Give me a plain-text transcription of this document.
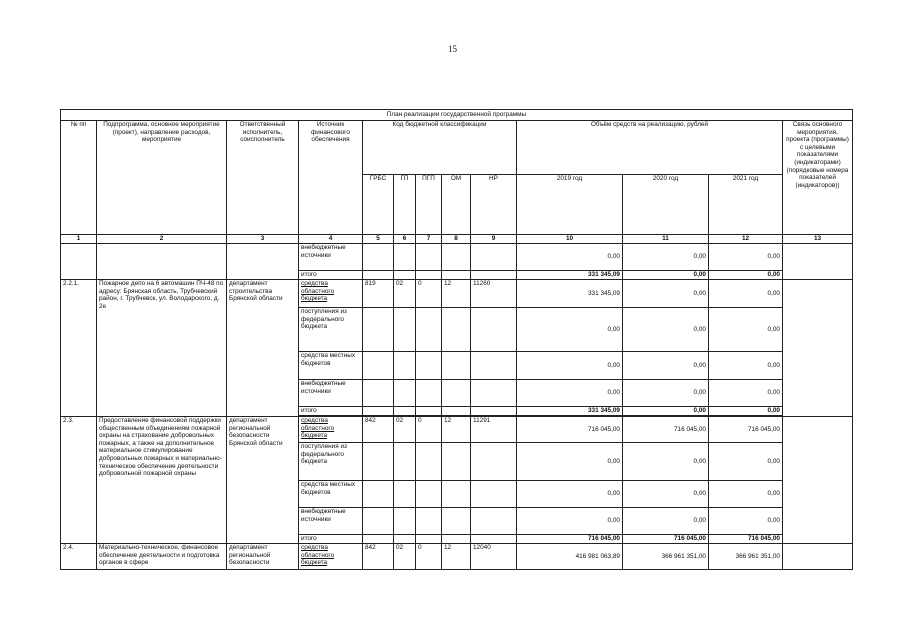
15
План реализации государственной программы												
№ пп	Подпрограмма, основное мероприятие (проект), направление расходов, мероприятие	Ответственный исполнитель, соисполнитель	Источник финансового обеспечения	Код бюджетной классификации					Объём средств на реализацию, рублей			Связь основного мероприятия, проекта (программы) с целевыми показателями (индикаторами) (порядковые номера показателей (индикаторов))
				ГРБС	ГП	ПГП	ОМ	НР	2019 год	2020 год	2021 год	
1	2	3	4	5	6	7	8	9	10	11	12	13
			внебюджетные источники						0,00	0,00	0,00	
			итого						331 345,09	0,00	0,00	
2.2.1.	Пожарное депо на 6 автомашин ПЧ-48 по адресу: Брянская область, Трубчевский район, г. Трубчевск, ул. Володарского, д. 2е	департамент строительства Брянской области	средства областного бюджета	819	02	0	12	11260	331 345,09	0,00	0,00	
			поступления из федерального бюджета						0,00	0,00	0,00	
			средства местных бюджетов						0,00	0,00	0,00	
			внебюджетные источники						0,00	0,00	0,00	
			итого						331 345,09	0,00	0,00	

2.3.	Предоставление финансовой поддержки общественным объединениям пожарной охраны на страхование добровольных пожарных, а также на дополнительное материальное стимулирование добровольных пожарных и материально-техническое обеспечение деятельности добровольной пожарной охраны	департамент региональной безопасности Брянской области	средства областного бюджета	842	02	0	12	11291	716 045,00	716 045,00	716 045,00	
			поступления из федерального бюджета						0,00	0,00	0,00	
			средства местных бюджетов						0,00	0,00	0,00	
			внебюджетные источники						0,00	0,00	0,00	
			итого						716 045,00	716 045,00	716 045,00	
2.4.	Материально-техническое, финансовое обеспечение деятельности и подготовка органов в сфере	департамент региональной безопасности	средства областного бюджета	842	02	0	12	12040	416 981 063,89	366 961 351,00	366 961 351,00	
